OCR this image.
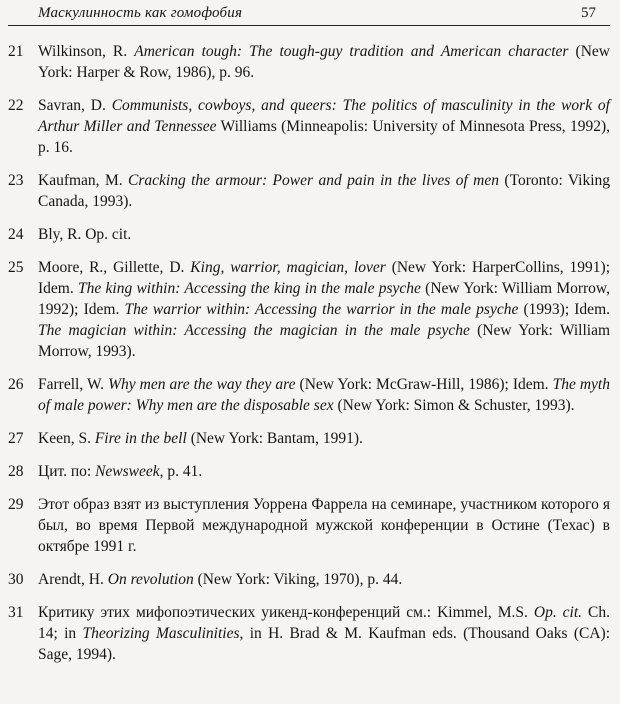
Маскулинность как гомофобия	57
21 Wilkinson, R. American tough: The tough-guy tradition and American character (New York: Harper & Row, 1986), p. 96.

22 Savran, D. Communists, cowboys, and queers: The politics of masculinity in the work of Arthur Miller and Tennessee Williams (Minneapolis: University of Minnesota Press, 1992), p. 16.

23 Kaufman, M. Cracking the armour: Power and pain in the lives of men (Toronto: Viking Canada, 1993).

24 Bly, R. Op. cit.

25 Moore, R., Gillette, D. King, warrior, magician, lover (New York: HarperCollins, 1991); Idem. The king within: Accessing the king in the male psyche (New York: William Morrow, 1992); Idem. The warrior within: Accessing the warrior in the male psyche (1993); Idem. The magician within: Accessing the magician in the male psyche (New York: William Morrow, 1993).

26 Farrell, W. Why men are the way they are (New York: McGraw-Hill, 1986); Idem. The myth of male power: Why men are the disposable sex (New York: Simon & Schuster, 1993).

27 Keen, S. Fire in the bell (New York: Bantam, 1991).

28 Цит. по: Newsweek, p. 41.

29 Этот образ взят из выступления Уоррена Фаррела на семинаре, участником которого я был, во время Первой международной мужской конференции в Остине (Техас) в октябре 1991 г.

30 Arendt, H. On revolution (New York: Viking, 1970), p. 44.

31 Критику этих мифопоэтических уикенд-конференций см.: Kimmel, M.S. Op. cit. Ch. 14; in Theorizing Masculinities, in H. Brad & M. Kaufman eds. (Thousand Oaks (CA): Sage, 1994).
